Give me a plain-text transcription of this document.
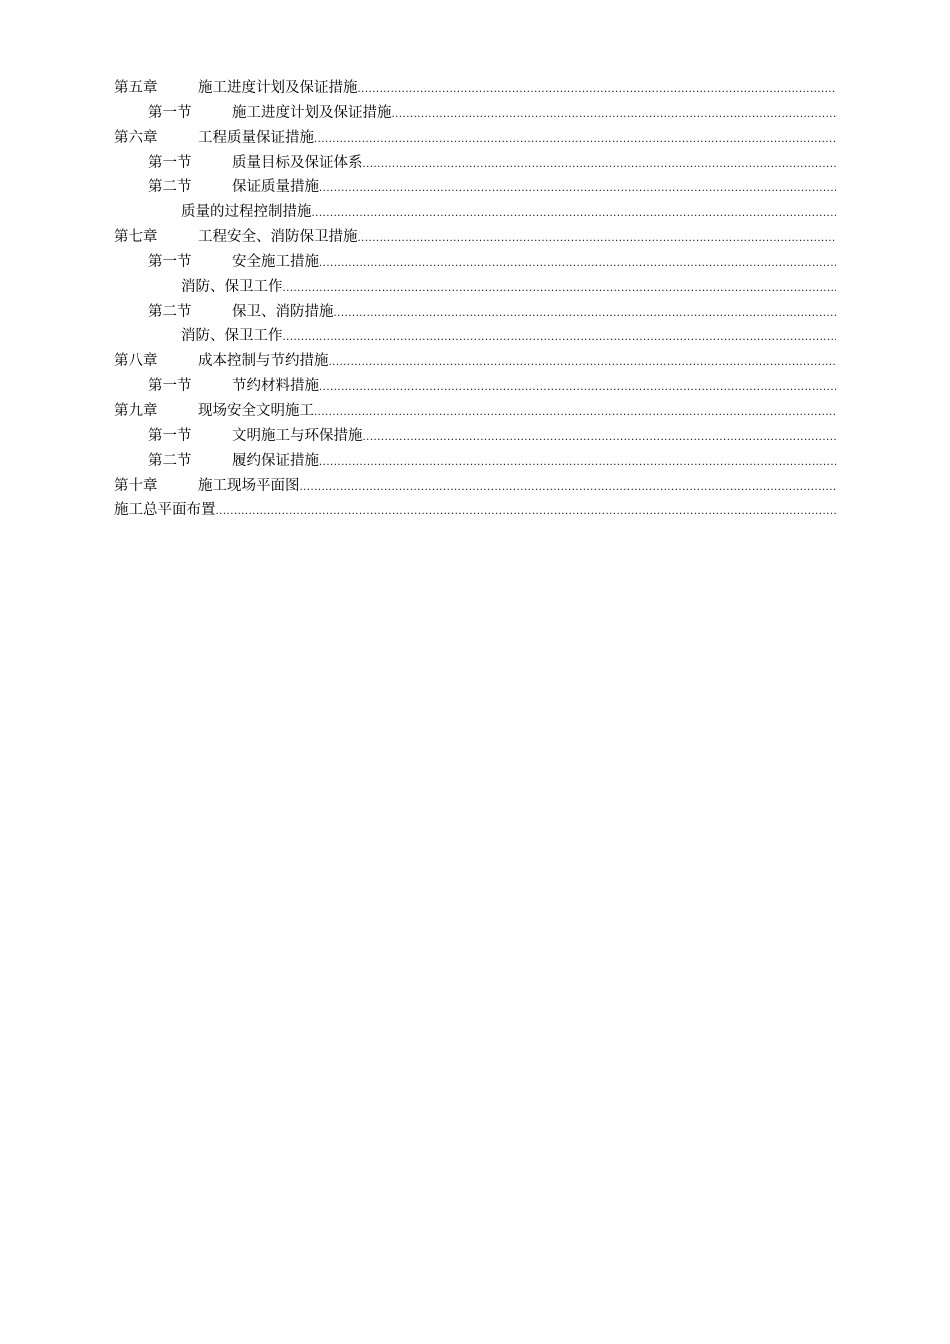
第五章	施工进度计划及保证措施
.....
第一节	施工进度计划及保证措施
.....
第六章	工程质量保证措施
.....
第一节	质量目标及保证体系
.....
第二节	保证质量措施
.....
质量的过程控制措施
.....
第七章	工程安全、消防保卫措施
.....
第一节	安全施工措施
.....
消防、保卫工作
.....
第二节	保卫、消防措施
.....
消防、保卫工作
.....
第八章	成本控制与节约措施
.....
第一节	节约材料措施
.....
第九章	现场安全文明施工
.....
第一节	文明施工与环保措施
.....
第二节	履约保证措施
.....
第十章	施工现场平面图
.....
施工总平面布置
.....
